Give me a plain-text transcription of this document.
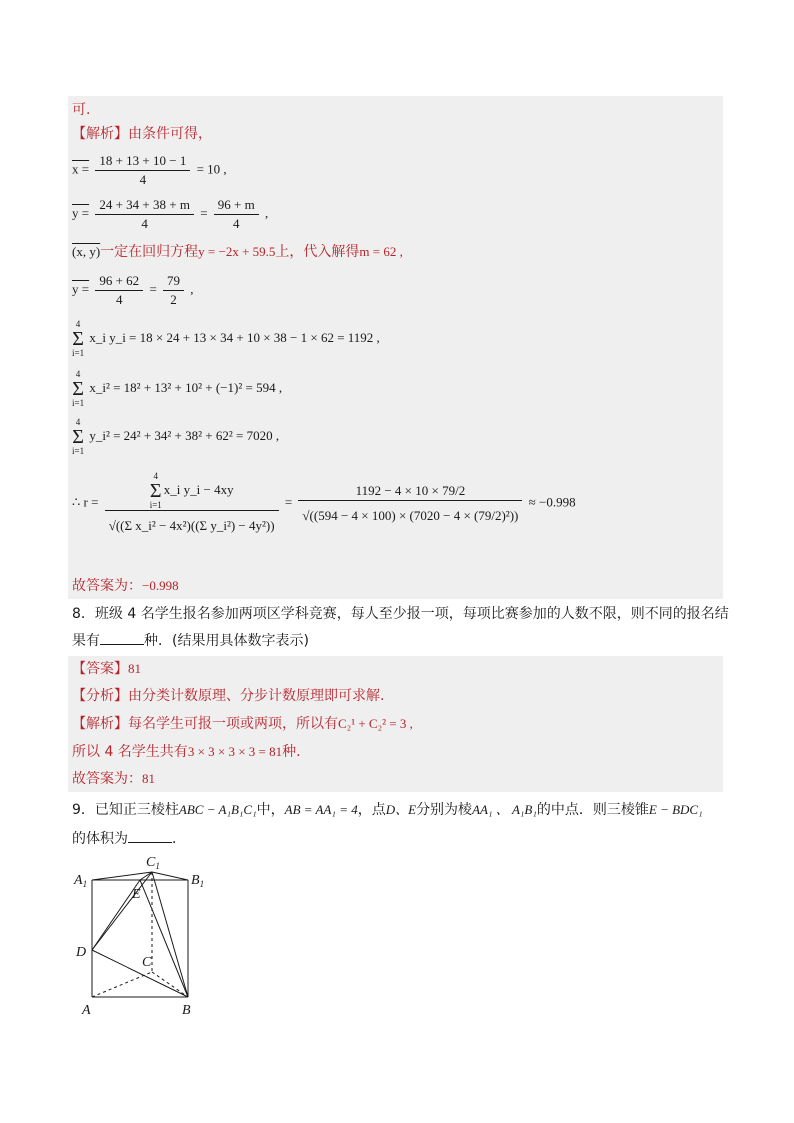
可.
【解析】由条件可得，
$x = \frac{18 + 13 + 10 - 1}{4} = 10$ ,
$y = \frac{24 + 34 + 38 + m}{4} = \frac{96 + m}{4}$ ,
(x, y)一定在回归方程y = −2x + 59.5上，代入解得m = 62 ,
$y = \frac{96 + 62}{4} = \frac{79}{2}$ ,
4
Σ
i=1 x_i y_i = 18 × 24 + 13 × 34 + 10 × 38 − 1 × 62 = 1192 ,
4
Σ
i=1 x_i² = 18² + 13² + 10² + (−1)² = 594 ,
4
Σ
i=1 y_i² = 24² + 34² + 38² + 62² = 7020 ,
∴ r = 4
Σ
i=1x_i y_i − 4xy
√((Σ x_i² − 4x²)((Σ y_i²) − $4y^2)) = \frac{1192 - 4 \times 10 \times 79/2}{\text{√((594 − 4 × 100) × (7020 − 4 × (79/2)²))}} \approx -0.998$
故答案为：−0.998
8．班级 4 名学生报名参加两项区学科竞赛，每人至少报一项，每项比赛参加的人数不限，则不同的报名结
果有	种．(结果用具体数字表示)
【答案】81
【分析】由分类计数原理、分步计数原理即可求解.
【解析】每名学生可报一项或两项，所以有C₂¹ + C₂² = 3 ,
所以 4 名学生共有3 × 3 × 3 × 3 = 81种.
故答案为：81
9．已知正三棱柱ABC − A₁B₁C₁中，AB = AA₁ = 4，点D、E分别为棱AA₁ 、 A₁B₁的中点．则三棱锥E − BDC₁
的体积为	．
$C_1$
$A_1$	$B_1$
E
D
C
A	B
